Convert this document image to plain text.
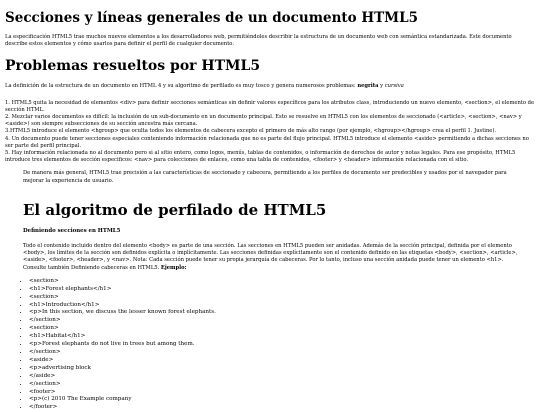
Secciones y líneas generales de un documento HTML5

La especificación HTML5 trae muchos nuevos elementos a los desarrolladores web, permitiéndoles describir la estructura de un documento web con semántica estandarizada. Este documento describe estos elementos y cómo usarlos para definir el perfil de cualquier documento.

Problemas resueltos por HTML5

La definición de la estructura de un documento en HTML 4 y su algoritmo de perfilado es muy tosco y genera numerosos problemas: negrita y cursiva

1. HTML5 quita la necesidad de elementos <div> para definir secciones semánticas sin definir valores específicos para los atributos class, introduciendo un nuevo elemento, <section>, el elemento de sección HTML.
2. Mezclar varios documentos es difícil: la inclusión de un sub-documento en un documento principal. Esto se resuelve en HTML5 con los elementos de seccionado (<article>, <section>, <nav> y <aside>) son siempre subsecciones de su sección ancestra más cercana.
3.HTML5 introduce el elemento <hgroup> que oculta todos los elementos de cabecera excepto el primero de más alto rango (por ejemplo, <hgroup></hgroup> crea el perfil 1. Justine).
4. Un documento puede tener secciones especiales conteniendo información relacionada que no es parte del flujo principal. HTML5 introduce el elemento <aside> permitiendo a dichas secciones no ser parte del perfil principal.
5. Hay información relacionada no al documento pero si al sitio entero, como logos, menús, tablas de contenidos, o información de derechos de autor y notas legales. Para ese propósito, HTML5 introduce tres elementos de sección especificos: <nav> para colecciones de enlaces, como una tabla de contenidos, <footer> y <header> información relacionada con el sitio.

De manera más general, HTML5 trae precisión a las características de seccionado y cabecera, permitiendo a los perfiles de documento ser predecibles y usados por el navegador para mejorar la experiencia de usuario.

El algoritmo de perfilado de HTML5

Definiendo secciones en HTML5

Todo el contenido incluido dentro del elemento <body> es parte de una sección. Las secciones en HTML5 pueden ser anidadas. Además de la sección principal, definida por el elemento <body>, los límites de la sección son definidos explícita o implícitamente. Las secciones definidas explícitamente son el contenido definido en las etiquetas <body>, <section>, <article>, <aside>, <footer>, <header>, y <nav>. Nota: Cada sección puede tener su propia jerarquía de cabeceras. Por lo tanto, incluso una sección anidada puede tener un elemento <h1>. Consulte también Definiendo cabeceras en HTML5. Ejemplo:

• <section>
• <h1>Forest elephants</h1>
• <section>
• <h1>Introduction</h1>
• <p>In this section, we discuss the lesser known forest elephants.
• </section>
• <section>
• <h1>Habitat</h1>
• <p>Forest elephants do not live in trees but among them.
• </section>
• <aside>
• <p>advertising block
• </aside>
• </section>
• <footer>
• <p>(c) 2010 The Example company
• </footer>
